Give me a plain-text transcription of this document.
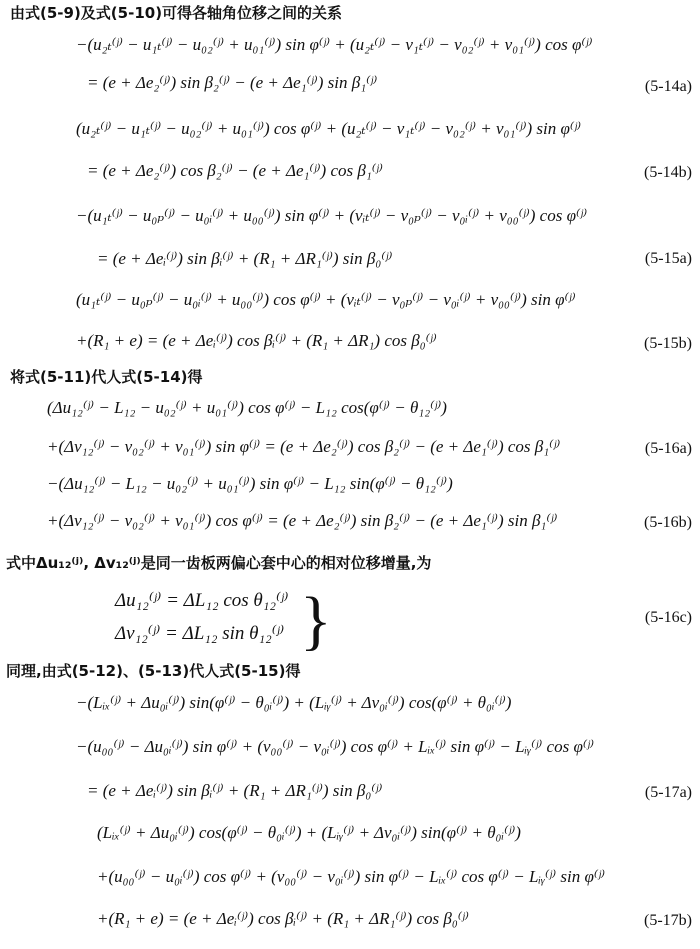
由式(5-9)及式(5-10)可得各轴角位移之间的关系
−(u₂ₜ⁽ʲ⁾ − u₁ₜ⁽ʲ⁾ − u₀₂⁽ʲ⁾ + u₀₁⁽ʲ⁾) sin φ⁽ʲ⁾ + (u₂ₜ⁽ʲ⁾ − v₁ₜ⁽ʲ⁾ − v₀₂⁽ʲ⁾ + v₀₁⁽ʲ⁾) cos φ⁽ʲ⁾
= (e + Δe₂⁽ʲ⁾) sin β₂⁽ʲ⁾ − (e + Δe₁⁽ʲ⁾) sin β₁⁽ʲ⁾	(5-14a)
(u₂ₜ⁽ʲ⁾ − u₁ₜ⁽ʲ⁾ − u₀₂⁽ʲ⁾ + u₀₁⁽ʲ⁾) cos φ⁽ʲ⁾ + (u₂ₜ⁽ʲ⁾ − v₁ₜ⁽ʲ⁾ − v₀₂⁽ʲ⁾ + v₀₁⁽ʲ⁾) sin φ⁽ʲ⁾
= (e + Δe₂⁽ʲ⁾) cos β₂⁽ʲ⁾ − (e + Δe₁⁽ʲ⁾) cos β₁⁽ʲ⁾	(5-14b)
−(u₁ₜ⁽ʲ⁾ − u₀ₚ⁽ʲ⁾ − u₀ᵢ⁽ʲ⁾ + u₀₀⁽ʲ⁾) sin φ⁽ʲ⁾ + (vᵢₜ⁽ʲ⁾ − v₀ₚ⁽ʲ⁾ − v₀ᵢ⁽ʲ⁾ + v₀₀⁽ʲ⁾) cos φ⁽ʲ⁾
= (e + Δeᵢ⁽ʲ⁾) sin βᵢ⁽ʲ⁾ + (R₁ + ΔR₁⁽ʲ⁾) sin β₀⁽ʲ⁾	(5-15a)
(u₁ₜ⁽ʲ⁾ − u₀ₚ⁽ʲ⁾ − u₀ᵢ⁽ʲ⁾ + u₀₀⁽ʲ⁾) cos φ⁽ʲ⁾ + (vᵢₜ⁽ʲ⁾ − v₀ₚ⁽ʲ⁾ − v₀ᵢ⁽ʲ⁾ + v₀₀⁽ʲ⁾) sin φ⁽ʲ⁾
+(R₁ + e) = (e + Δeᵢ⁽ʲ⁾) cos βᵢ⁽ʲ⁾ + (R₁ + ΔR₁) cos β₀⁽ʲ⁾	(5-15b)
将式(5-11)代人式(5-14)得
(Δu₁₂⁽ʲ⁾ − L₁₂ − u₀₂⁽ʲ⁾ + u₀₁⁽ʲ⁾) cos φ⁽ʲ⁾ − L₁₂ cos(φ⁽ʲ⁾ − θ₁₂⁽ʲ⁾)
+(Δv₁₂⁽ʲ⁾ − v₀₂⁽ʲ⁾ + v₀₁⁽ʲ⁾) sin φ⁽ʲ⁾ = (e + Δe₂⁽ʲ⁾) cos β₂⁽ʲ⁾ − (e + Δe₁⁽ʲ⁾) cos β₁⁽ʲ⁾	(5-16a)
−(Δu₁₂⁽ʲ⁾ − L₁₂ − u₀₂⁽ʲ⁾ + u₀₁⁽ʲ⁾) sin φ⁽ʲ⁾ − L₁₂ sin(φ⁽ʲ⁾ − θ₁₂⁽ʲ⁾)
+(Δv₁₂⁽ʲ⁾ − v₀₂⁽ʲ⁾ + v₀₁⁽ʲ⁾) cos φ⁽ʲ⁾ = (e + Δe₂⁽ʲ⁾) sin β₂⁽ʲ⁾ − (e + Δe₁⁽ʲ⁾) sin β₁⁽ʲ⁾	(5-16b)
式中Δu₁₂⁽ʲ⁾, Δv₁₂⁽ʲ⁾是同一齿板两偏心套中心的相对位移增量,为
Δu₁₂⁽ʲ⁾ = ΔL₁₂ cos θ₁₂⁽ʲ⁾
Δv₁₂⁽ʲ⁾ = ΔL₁₂ sin θ₁₂⁽ʲ⁾ }	(5-16c)
同理,由式(5-12)、(5-13)代人式(5-15)得
−(Lᵢₓ⁽ʲ⁾ + Δu₀ᵢ⁽ʲ⁾) sin(φ⁽ʲ⁾ − θ₀ᵢ⁽ʲ⁾) + (Lᵢᵧ⁽ʲ⁾ + Δv₀ᵢ⁽ʲ⁾) cos(φ⁽ʲ⁾ + θ₀ᵢ⁽ʲ⁾)
−(u₀₀⁽ʲ⁾ − Δu₀ᵢ⁽ʲ⁾) sin φ⁽ʲ⁾ + (v₀₀⁽ʲ⁾ − v₀ᵢ⁽ʲ⁾) cos φ⁽ʲ⁾ + Lᵢₓ⁽ʲ⁾ sin φ⁽ʲ⁾ − Lᵢᵧ⁽ʲ⁾ cos φ⁽ʲ⁾
= (e + Δeᵢ⁽ʲ⁾) sin βᵢ⁽ʲ⁾ + (R₁ + ΔR₁⁽ʲ⁾) sin β₀⁽ʲ⁾	(5-17a)
(Lᵢₓ⁽ʲ⁾ + Δu₀ᵢ⁽ʲ⁾) cos(φ⁽ʲ⁾ − θ₀ᵢ⁽ʲ⁾) + (Lᵢᵧ⁽ʲ⁾ + Δv₀ᵢ⁽ʲ⁾) sin(φ⁽ʲ⁾ + θ₀ᵢ⁽ʲ⁾)
+(u₀₀⁽ʲ⁾ − u₀ᵢ⁽ʲ⁾) cos φ⁽ʲ⁾ + (v₀₀⁽ʲ⁾ − v₀ᵢ⁽ʲ⁾) sin φ⁽ʲ⁾ − Lᵢₓ⁽ʲ⁾ cos φ⁽ʲ⁾ − Lᵢᵧ⁽ʲ⁾ sin φ⁽ʲ⁾
+(R₁ + e) = (e + Δeᵢ⁽ʲ⁾) cos βᵢ⁽ʲ⁾ + (R₁ + ΔR₁⁽ʲ⁾) cos β₀⁽ʲ⁾	(5-17b)
